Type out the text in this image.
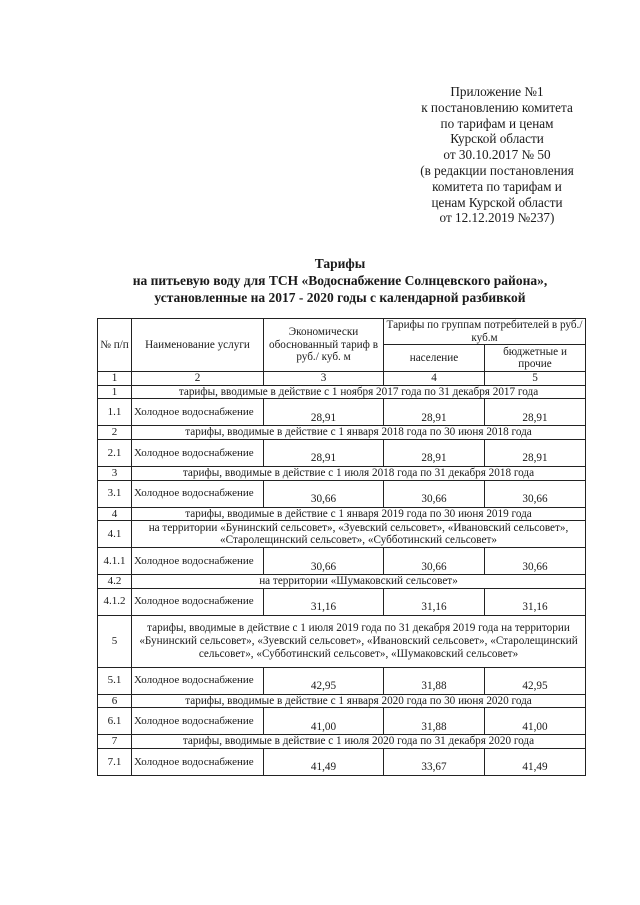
Приложение №1
к постановлению комитета
по тарифам и ценам
Курской области
от 30.10.2017 № 50
(в редакции постановления
комитета по тарифам и
ценам Курской области
от 12.12.2019 №237)
Тарифы
на питьевую воду для ТСН «Водоснабжение Солнцевского района»,
установленные на 2017 - 2020 годы с календарной разбивкой
№ п/п	Наименование услуги	Экономически обоснованный тариф в руб./ куб. м	Тарифы по группам потребителей в руб./ куб.м	
			население	бюджетные и прочие
1	2	3	4	5
1	тарифы, вводимые в действие с 1 ноября 2017 года по 31 декабря 2017 года			
1.1	Холодное водоснабжение	28,91	28,91	28,91
2	тарифы, вводимые в действие с 1 января 2018 года по 30 июня 2018 года			
2.1	Холодное водоснабжение	28,91	28,91	28,91
3	тарифы, вводимые в действие с 1 июля 2018 года по 31 декабря 2018 года			
3.1	Холодное водоснабжение	30,66	30,66	30,66
4	тарифы, вводимые в действие с 1 января 2019 года по 30 июня 2019 года			
4.1	на территории «Бунинский сельсовет», «Зуевский сельсовет», «Ивановский сельсовет», «Старолещинский сельсовет», «Субботинский сельсовет»			
4.1.1	Холодное водоснабжение	30,66	30,66	30,66
4.2	на территории «Шумаковский сельсовет»			
4.1.2	Холодное водоснабжение	31,16	31,16	31,16
5	тарифы, вводимые в действие с 1 июля 2019 года по 31 декабря 2019 года на территории «Бунинский сельсовет», «Зуевский сельсовет», «Ивановский сельсовет», «Старолещинский сельсовет», «Субботинский сельсовет», «Шумаковский сельсовет»			
5.1	Холодное водоснабжение	42,95	31,88	42,95
6	тарифы, вводимые в действие с 1 января 2020 года по 30 июня 2020 года			
6.1	Холодное водоснабжение	41,00	31,88	41,00
7	тарифы, вводимые в действие с 1 июля 2020 года по 31 декабря 2020 года			
7.1	Холодное водоснабжение	41,49	33,67	41,49
